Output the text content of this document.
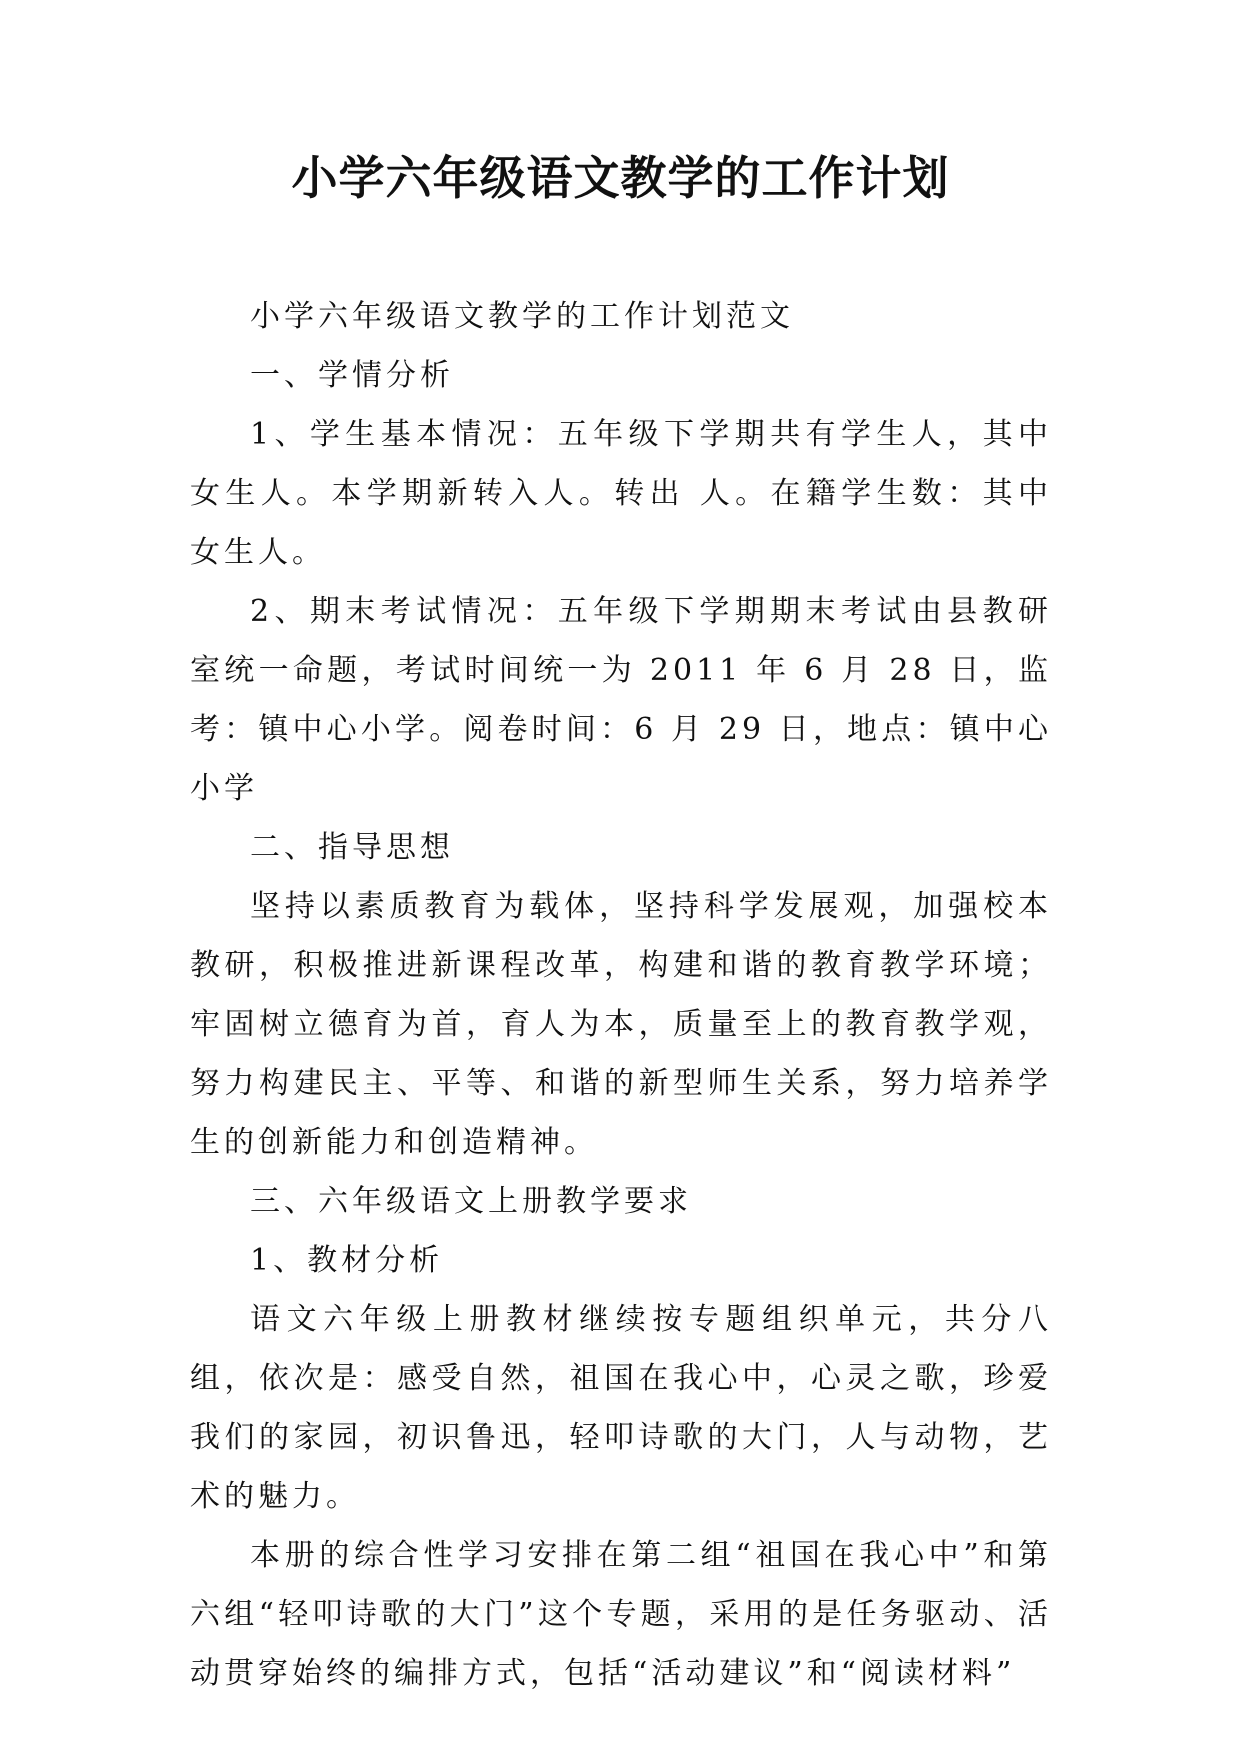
小学六年级语文教学的工作计划

小学六年级语文教学的工作计划范文

一、学情分析

1、学生基本情况：五年级下学期共有学生人，其中女生人。本学期新转入人。转出 人。在籍学生数：其中女生人。

2、期末考试情况：五年级下学期期末考试由县教研室统一命题，考试时间统一为 2011 年 6 月 28 日，监考：镇中心小学。阅卷时间：6 月 29 日，地点：镇中心小学

二、指导思想

坚持以素质教育为载体，坚持科学发展观，加强校本教研，积极推进新课程改革，构建和谐的教育教学环境；牢固树立德育为首，育人为本，质量至上的教育教学观，努力构建民主、平等、和谐的新型师生关系，努力培养学生的创新能力和创造精神。

三、六年级语文上册教学要求

1、教材分析

语文六年级上册教材继续按专题组织单元，共分八组，依次是：感受自然，祖国在我心中，心灵之歌，珍爱我们的家园，初识鲁迅，轻叩诗歌的大门，人与动物，艺术的魅力。

本册的综合性学习安排在第二组“祖国在我心中”和第六组“轻叩诗歌的大门”这个专题，采用的是任务驱动、活动贯穿始终的编排方式，包括“活动建议”和“阅读材料”
